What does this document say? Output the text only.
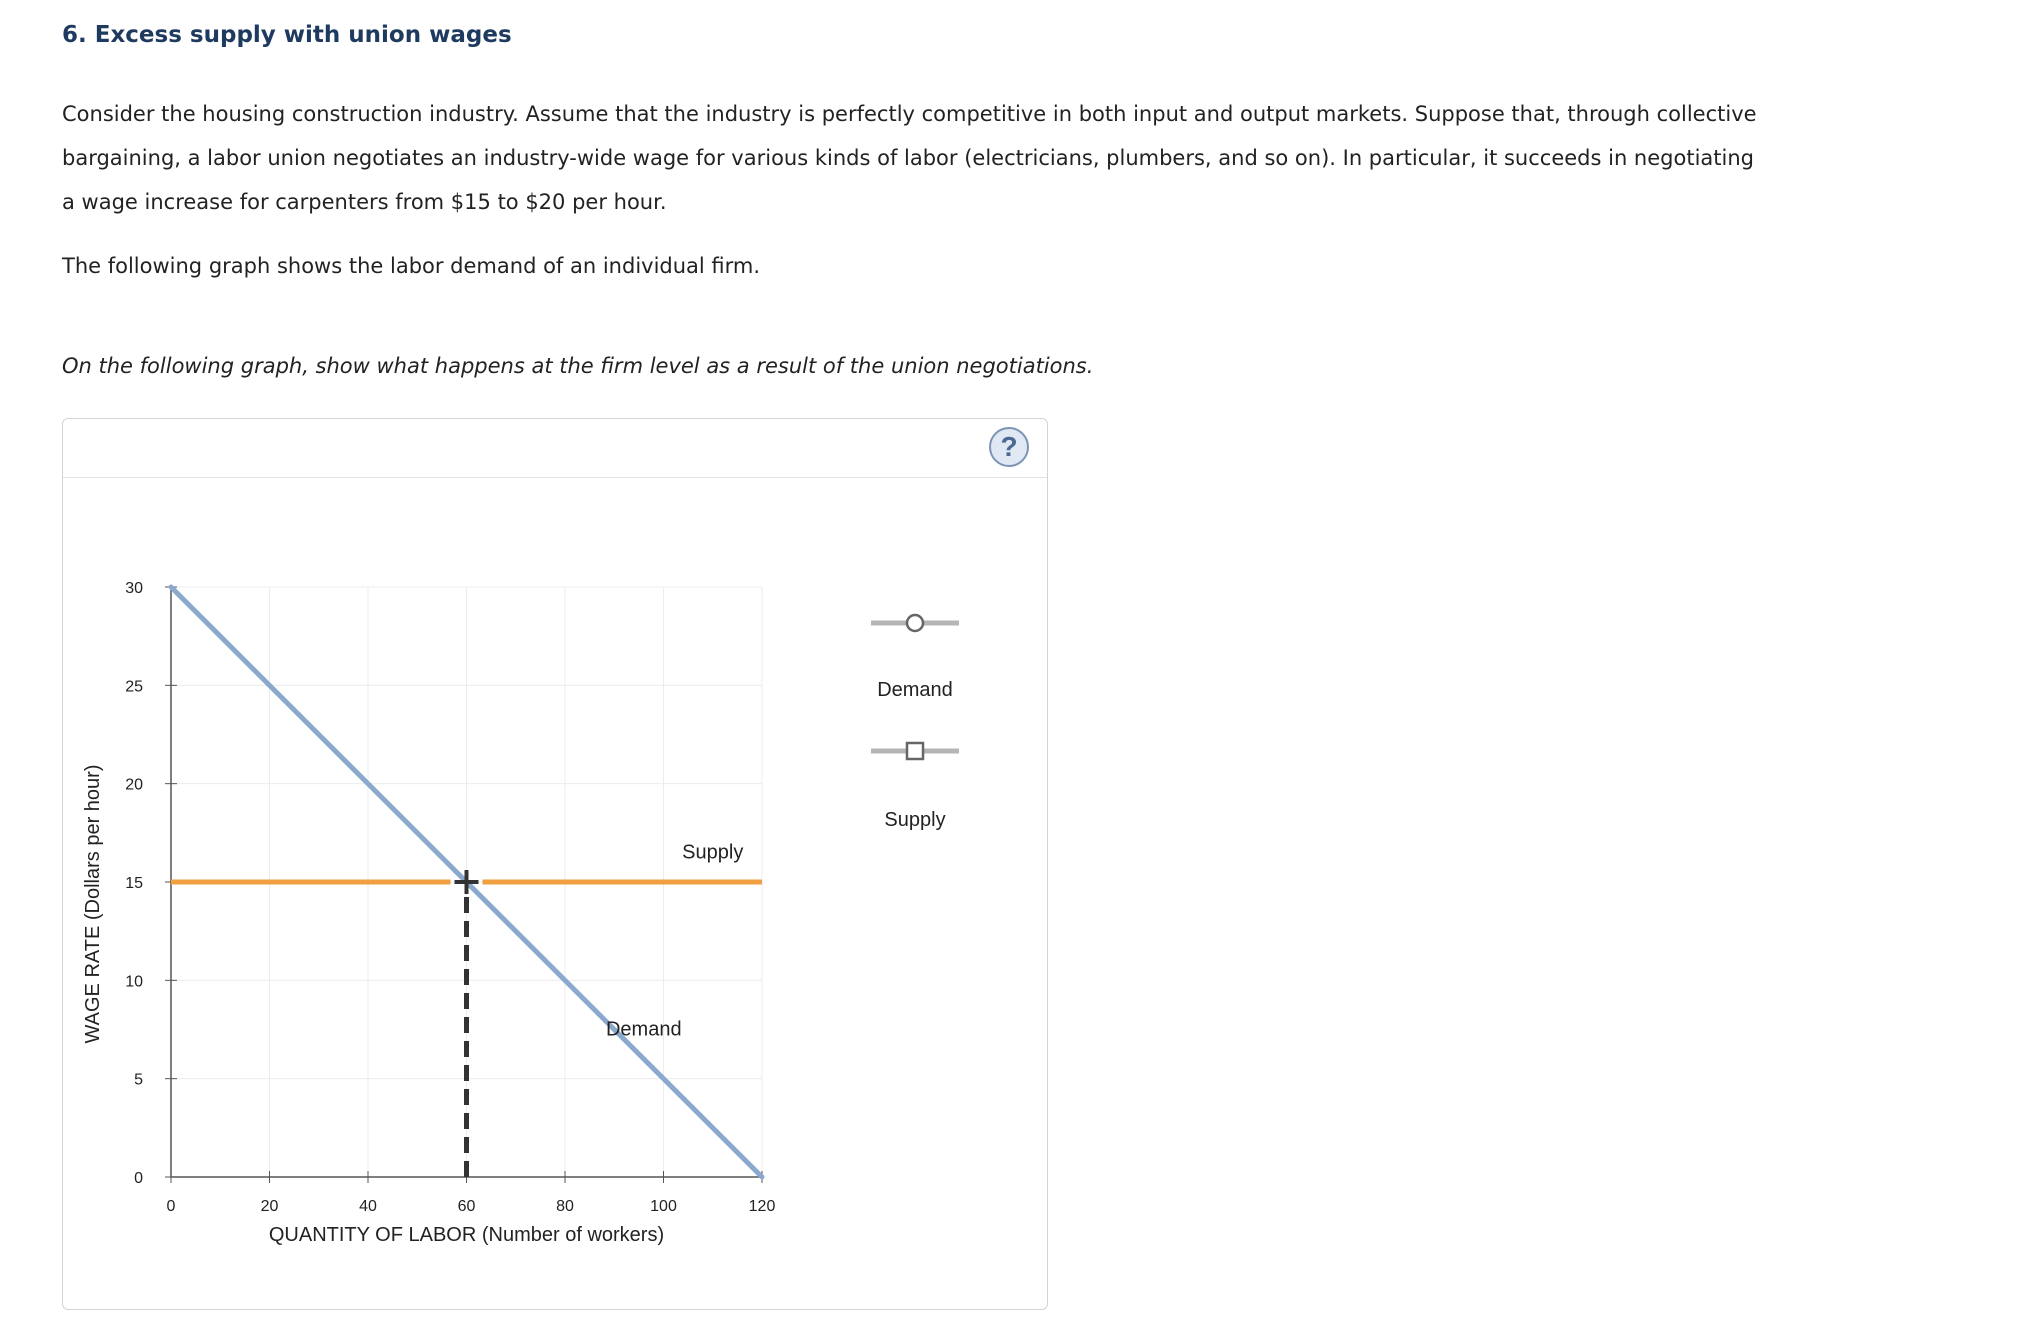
6. Excess supply with union wages

Consider the housing construction industry. Assume that the industry is perfectly competitive in both input and output markets. Suppose that, through collective bargaining, a labor union negotiates an industry-wide wage for various kinds of labor (electricians, plumbers, and so on). In particular, it succeeds in negotiating a wage increase for carpenters from $15 to $20 per hour.

The following graph shows the labor demand of an individual firm.

On the following graph, show what happens at the firm level as a result of the union negotiations.

?
0
5
10
15
20
25
30
0	20	40	60	80	100	120
QUANTITY OF LABOR (Number of workers)
WAGE RATE (Dollars per hour)	Supply
Demand
Demand
Supply
